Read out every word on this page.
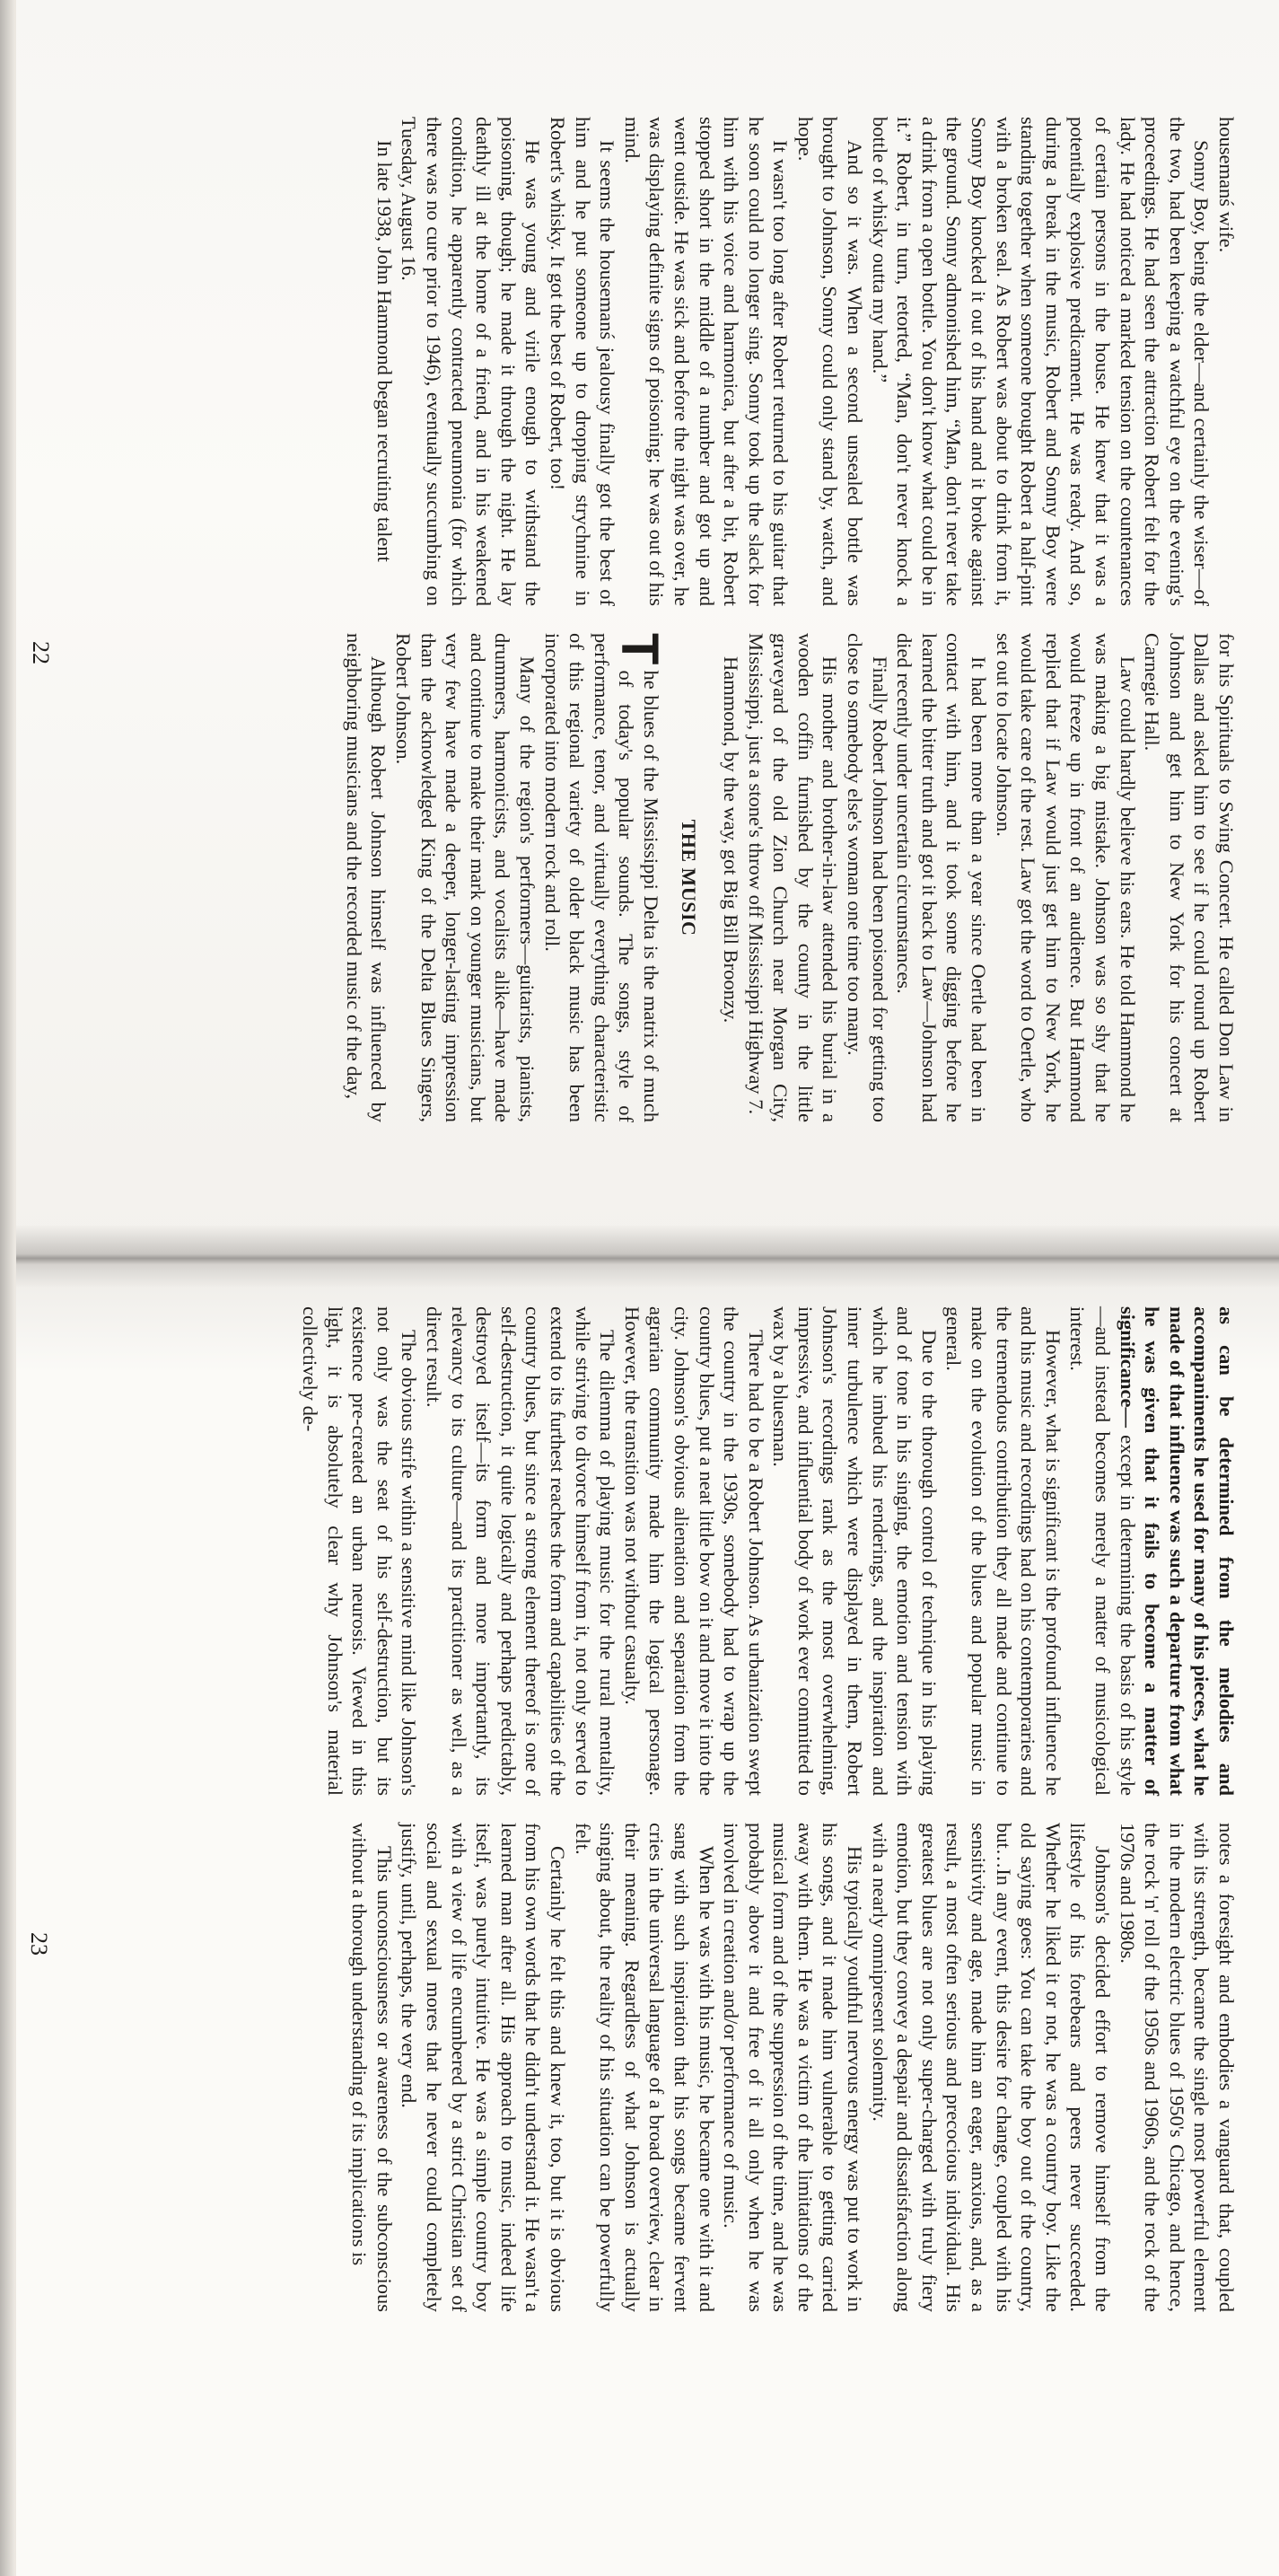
housemanś wife.

Sonny Boy, being the elder—and certainly the wiser—of the two, had been keeping a watchful eye on the evening's proceedings. He had seen the attraction Robert felt for the lady. He had noticed a marked tension on the countenances of certain persons in the house. He knew that it was a potentially explosive predicament. He was ready. And so, during a break in the music, Robert and Sonny Boy were standing together when someone brought Robert a half-pint with a broken seal. As Robert was about to drink from it, Sonny Boy knocked it out of his hand and it broke against the ground. Sonny admonished him, “Man, don't never take a drink from a open bottle. You don't know what could be in it.” Robert, in turn, retorted, “Man, don't never knock a bottle of whisky outta my hand.”

And so it was. When a second unsealed bottle was brought to Johnson, Sonny could only stand by, watch, and hope.

It wasn't too long after Robert returned to his guitar that he soon could no longer sing. Sonny took up the slack for him with his voice and harmonica, but after a bit, Robert stopped short in the middle of a number and got up and went outside. He was sick and before the night was over, he was displaying definite signs of poisoning; he was out of his mind.

It seems the housemanś jealousy finally got the best of him and he put someone up to dropping strychnine in Robert's whisky. It got the best of Robert, too!

He was young and virile enough to withstand the poisoning, though; he made it through the night. He lay deathly ill at the home of a friend, and in his weakened condition, he apparently contracted pneumonia (for which there was no cure prior to 1946), eventually succumbing on Tuesday, August 16.

In late 1938, John Hammond began recruiting talent

for his Spirituals to Swing Concert. He called Don Law in Dallas and asked him to see if he could round up Robert Johnson and get him to New York for his concert at Carnegie Hall.

Law could hardly believe his ears. He told Hammond he was making a big mistake. Johnson was so shy that he would freeze up in front of an audience. But Hammond replied that if Law would just get him to New York, he would take care of the rest. Law got the word to Oertle, who set out to locate Johnson.

It had been more than a year since Oertle had been in contact with him, and it took some digging before he learned the bitter truth and got it back to Law—Johnson had died recently under uncertain circumstances.

Finally Robert Johnson had been poisoned for getting too close to somebody else's woman one time too many.

His mother and brother-in-law attended his burial in a wooden coffin furnished by the county in the little graveyard of the old Zion Church near Morgan City, Mississippi, just a stone's throw off Mississippi Highway 7.

Hammond, by the way, got Big Bill Broonzy.

THE MUSIC

T
he blues of the Mississippi Delta is the matrix of much of today's popular sounds. The songs, style of performance, tenor, and virtually everything characteristic of this regional variety of older black music has been incorporated into modern rock and roll.

Many of the region's performers—guitarists, pianists, drummers, harmonicists, and vocalists alike—have made and continue to make their mark on younger musicians, but very few have made a deeper, longer-lasting impression than the acknowledged King of the Delta Blues Singers, Robert Johnson.

Although Robert Johnson himself was influenced by neighboring musicians and the recorded music of the day,

22

as can be determined from the melodies and accompaniments he used for many of his pieces, what he made of that influence was such a departure from what he was given that it fails to become a matter of significance— except in determining the basis of his style—and instead becomes merely a matter of musicological interest.

However, what is significant is the profound influence he and his music and recordings had on his contemporaries and the tremendous contribution they all made and continue to make on the evolution of the blues and popular music in general.

Due to the thorough control of technique in his playing and of tone in his singing, the emotion and tension with which he imbued his renderings, and the inspiration and inner turbulence which were displayed in them, Robert Johnson's recordings rank as the most overwhelming, impressive, and influential body of work ever committed to wax by a bluesman.

There had to be a Robert Johnson. As urbanization swept the country in the 1930s, somebody had to wrap up the country blues, put a neat little bow on it and move it into the city. Johnson's obvious alienation and separation from the agrarian community made him the logical personage. However, the transition was not without casualty.

The dilemma of playing music for the rural mentality, while striving to divorce himself from it, not only served to extend to its furthest reaches the form and capabilities of the country blues, but since a strong element thereof is one of self-destruction, it quite logically and perhaps predictably, destroyed itself—its form and more importantly, its relevancy to its culture—and its practitioner as well, as a direct result.

The obvious strife within a sensitive mind like Johnson's not only was the seat of his self-destruction, but its existence pre-created an urban neurosis. Viewed in this light, it is absolutely clear why Johnson's material collectively de-

notes a foresight and embodies a vanguard that, coupled with its strength, became the single most powerful element in the modern electric blues of 1950's Chicago, and hence, the rock 'n' roll of the 1950s and 1960s, and the rock of the 1970s and 1980s.

Johnson's decided effort to remove himself from the lifestyle of his forebears and peers never succeeded. Whether he liked it or not, he was a country boy. Like the old saying goes: You can take the boy out of the country, but…In any event, this desire for change, coupled with his sensitivity and age, made him an eager, anxious, and, as a result, a most often serious and precocious individual. His greatest blues are not only super-charged with truly fiery emotion, but they convey a despair and dissatisfaction along with a nearly omnipresent solemnity.

His typically youthful nervous energy was put to work in his songs, and it made him vulnerable to getting carried away with them. He was a victim of the limitations of the musical form and of the suppression of the time, and he was probably above it and free of it all only when he was involved in creation and/or performance of music.

When he was with his music, he became one with it and sang with such inspiration that his songs became fervent cries in the universal language of a broad overview, clear in their meaning. Regardless of what Johnson is actually singing about, the reality of his situation can be powerfully felt.

Certainly he felt this and knew it, too, but it is obvious from his own words that he didn't understand it. He wasn't a learned man after all. His approach to music, indeed life itself, was purely intuitive. He was a simple country boy with a view of life encumbered by a strict Christian set of social and sexual mores that he never could completely justify, until, perhaps, the very end.

This unconsciousness or awareness of the subconscious without a thorough understanding of its implications is

23
